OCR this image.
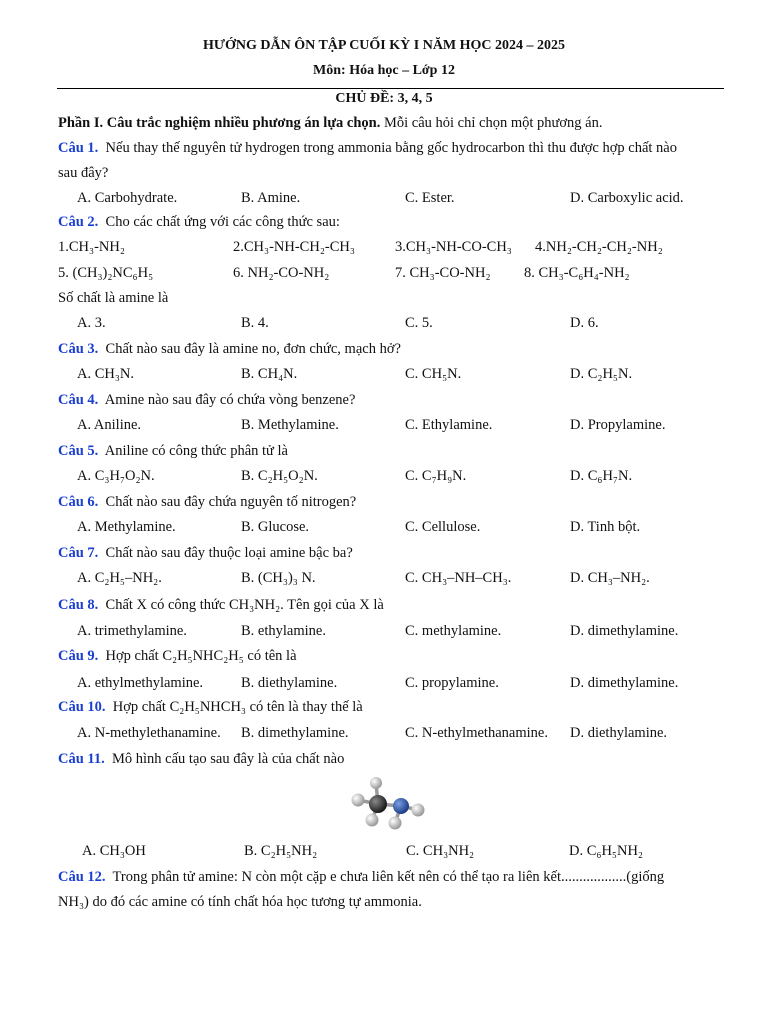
HƯỚNG DẪN ÔN TẬP CUỐI KỲ I NĂM HỌC 2024 – 2025
Môn: Hóa học – Lớp 12
CHỦ ĐỀ: 3, 4, 5
Phần I. Câu trắc nghiệm nhiều phương án lựa chọn. Mỗi câu hỏi chỉ chọn một phương án.
Câu 1. Nếu thay thế nguyên tử hydrogen trong ammonia bằng gốc hydrocarbon thì thu được hợp chất nào
sau đây?
A. Carbohydrate.	B. Amine.	C. Ester.	D. Carboxylic acid.
Câu 2. Cho các chất ứng với các công thức sau:
1.CH₃-NH₂	2.CH₃-NH-CH₂-CH₃	3.CH₃-NH-CO-CH₃ 4.NH₂-CH₂-CH₂-NH₂
5. (CH₃)₂NC₆H₅	6. NH₂-CO-NH₂	7. CH₃-CO-NH₂ 8. CH₃-C₆H₄-NH₂
Số chất là amine là
A. 3.	B. 4.	C. 5.	D. 6.
Câu 3. Chất nào sau đây là amine no, đơn chức, mạch hở?
A. CH₃N.	B. CH₄N.	C. CH₅N.	D. C₂H₅N.
Câu 4. Amine nào sau đây có chứa vòng benzene?
A. Aniline.	B. Methylamine.	C. Ethylamine.	D. Propylamine.
Câu 5. Aniline có công thức phân tử là
A. C₃H₇O₂N.	B. C₂H₅O₂N.	C. C₇H₉N.	D. C₆H₇N.
Câu 6. Chất nào sau đây chứa nguyên tố nitrogen?
A. Methylamine.	B. Glucose.	C. Cellulose.	D. Tinh bột.
Câu 7. Chất nào sau đây thuộc loại amine bậc ba?
A. C₂H₅–NH₂.	B. (CH₃)₃ N.	C. CH₃–NH–CH₃.	D. CH₃–NH₂.
Câu 8. Chất X có công thức CH₃NH₂. Tên gọi của X là
A. trimethylamine.	B. ethylamine.	C. methylamine.	D. dimethylamine.
Câu 9. Hợp chất C₂H₅NHC₂H₅ có tên là
A. ethylmethylamine.	B. diethylamine.	C. propylamine.	D. dimethylamine.
Câu 10. Hợp chất C₂H₅NHCH₃ có tên là thay thế là
A. N-methylethanamine. B. dimethylamine.	C. N-ethylmethanamine. D. diethylamine.
Câu 11. Mô hình cấu tạo sau đây là của chất nào
A. CH₃OH	B. C₂H₅NH₂	C. CH₃NH₂	D. C₆H₅NH₂
Câu 12. Trong phân tử amine: N còn một cặp e chưa liên kết nên có thể tạo ra liên kết..................(giống
NH₃) do đó các amine có tính chất hóa học tương tự ammonia.
